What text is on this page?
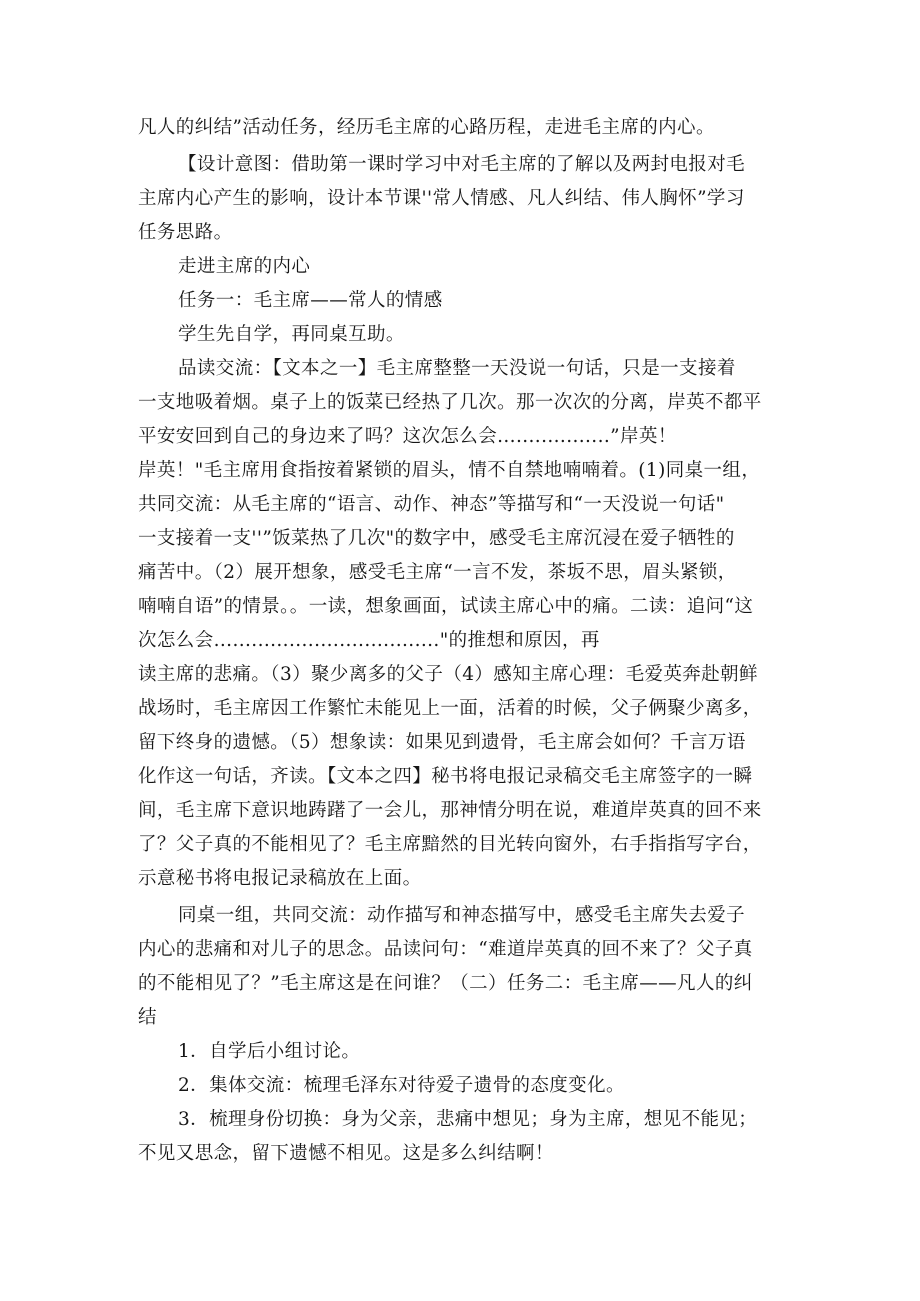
凡人的纠结”活动任务，经历毛主席的心路历程，走进毛主席的内心。
【设计意图：借助第一课时学习中对毛主席的了解以及两封电报对毛
主席内心产生的影响，设计本节课''常人情感、凡人纠结、伟人胸怀”学习
任务思路。
走进主席的内心
任务一：毛主席——常人的情感
学生先自学，再同桌互助。
品读交流：【文本之一】毛主席整整一天没说一句话，只是一支接着
一支地吸着烟。桌子上的饭菜已经热了几次。那一次次的分离，岸英不都平
平安安回到自己的身边来了吗？这次怎么会..................”岸英！
岸英！"毛主席用食指按着紧锁的眉头，情不自禁地喃喃着。(1)同桌一组，
共同交流：从毛主席的“语言、动作、神态”等描写和“一天没说一句话"
一支接着一支''”饭菜热了几次"的数字中，感受毛主席沉浸在爱子牺牲的
痛苦中。（2）展开想象，感受毛主席“一言不发，茶坂不思，眉头紧锁，
喃喃自语”的情景。。一读，想象画面，试读主席心中的痛。二读：追问“这
次怎么会...................................."的推想和原因，再
读主席的悲痛。（3）聚少离多的父子（4）感知主席心理：毛爱英奔赴朝鲜
战场时，毛主席因工作繁忙未能见上一面，活着的时候，父子俩聚少离多，
留下终身的遗憾。（5）想象读：如果见到遗骨，毛主席会如何？千言万语
化作这一句话，齐读。【文本之四】秘书将电报记录稿交毛主席签字的一瞬
间，毛主席下意识地踌躇了一会儿，那神情分明在说，难道岸英真的回不来
了？父子真的不能相见了？毛主席黯然的目光转向窗外，右手指指写字台，
示意秘书将电报记录稿放在上面。
同桌一组，共同交流：动作描写和神态描写中，感受毛主席失去爱子
内心的悲痛和对儿子的思念。品读问句：“难道岸英真的回不来了？父子真
的不能相见了？”毛主席这是在问谁？（二）任务二：毛主席——凡人的纠
结
1．自学后小组讨论。
2．集体交流：梳理毛泽东对待爱子遗骨的态度变化。
3．梳理身份切换：身为父亲，悲痛中想见；身为主席，想见不能见；
不见又思念，留下遗憾不相见。这是多么纠结啊！
